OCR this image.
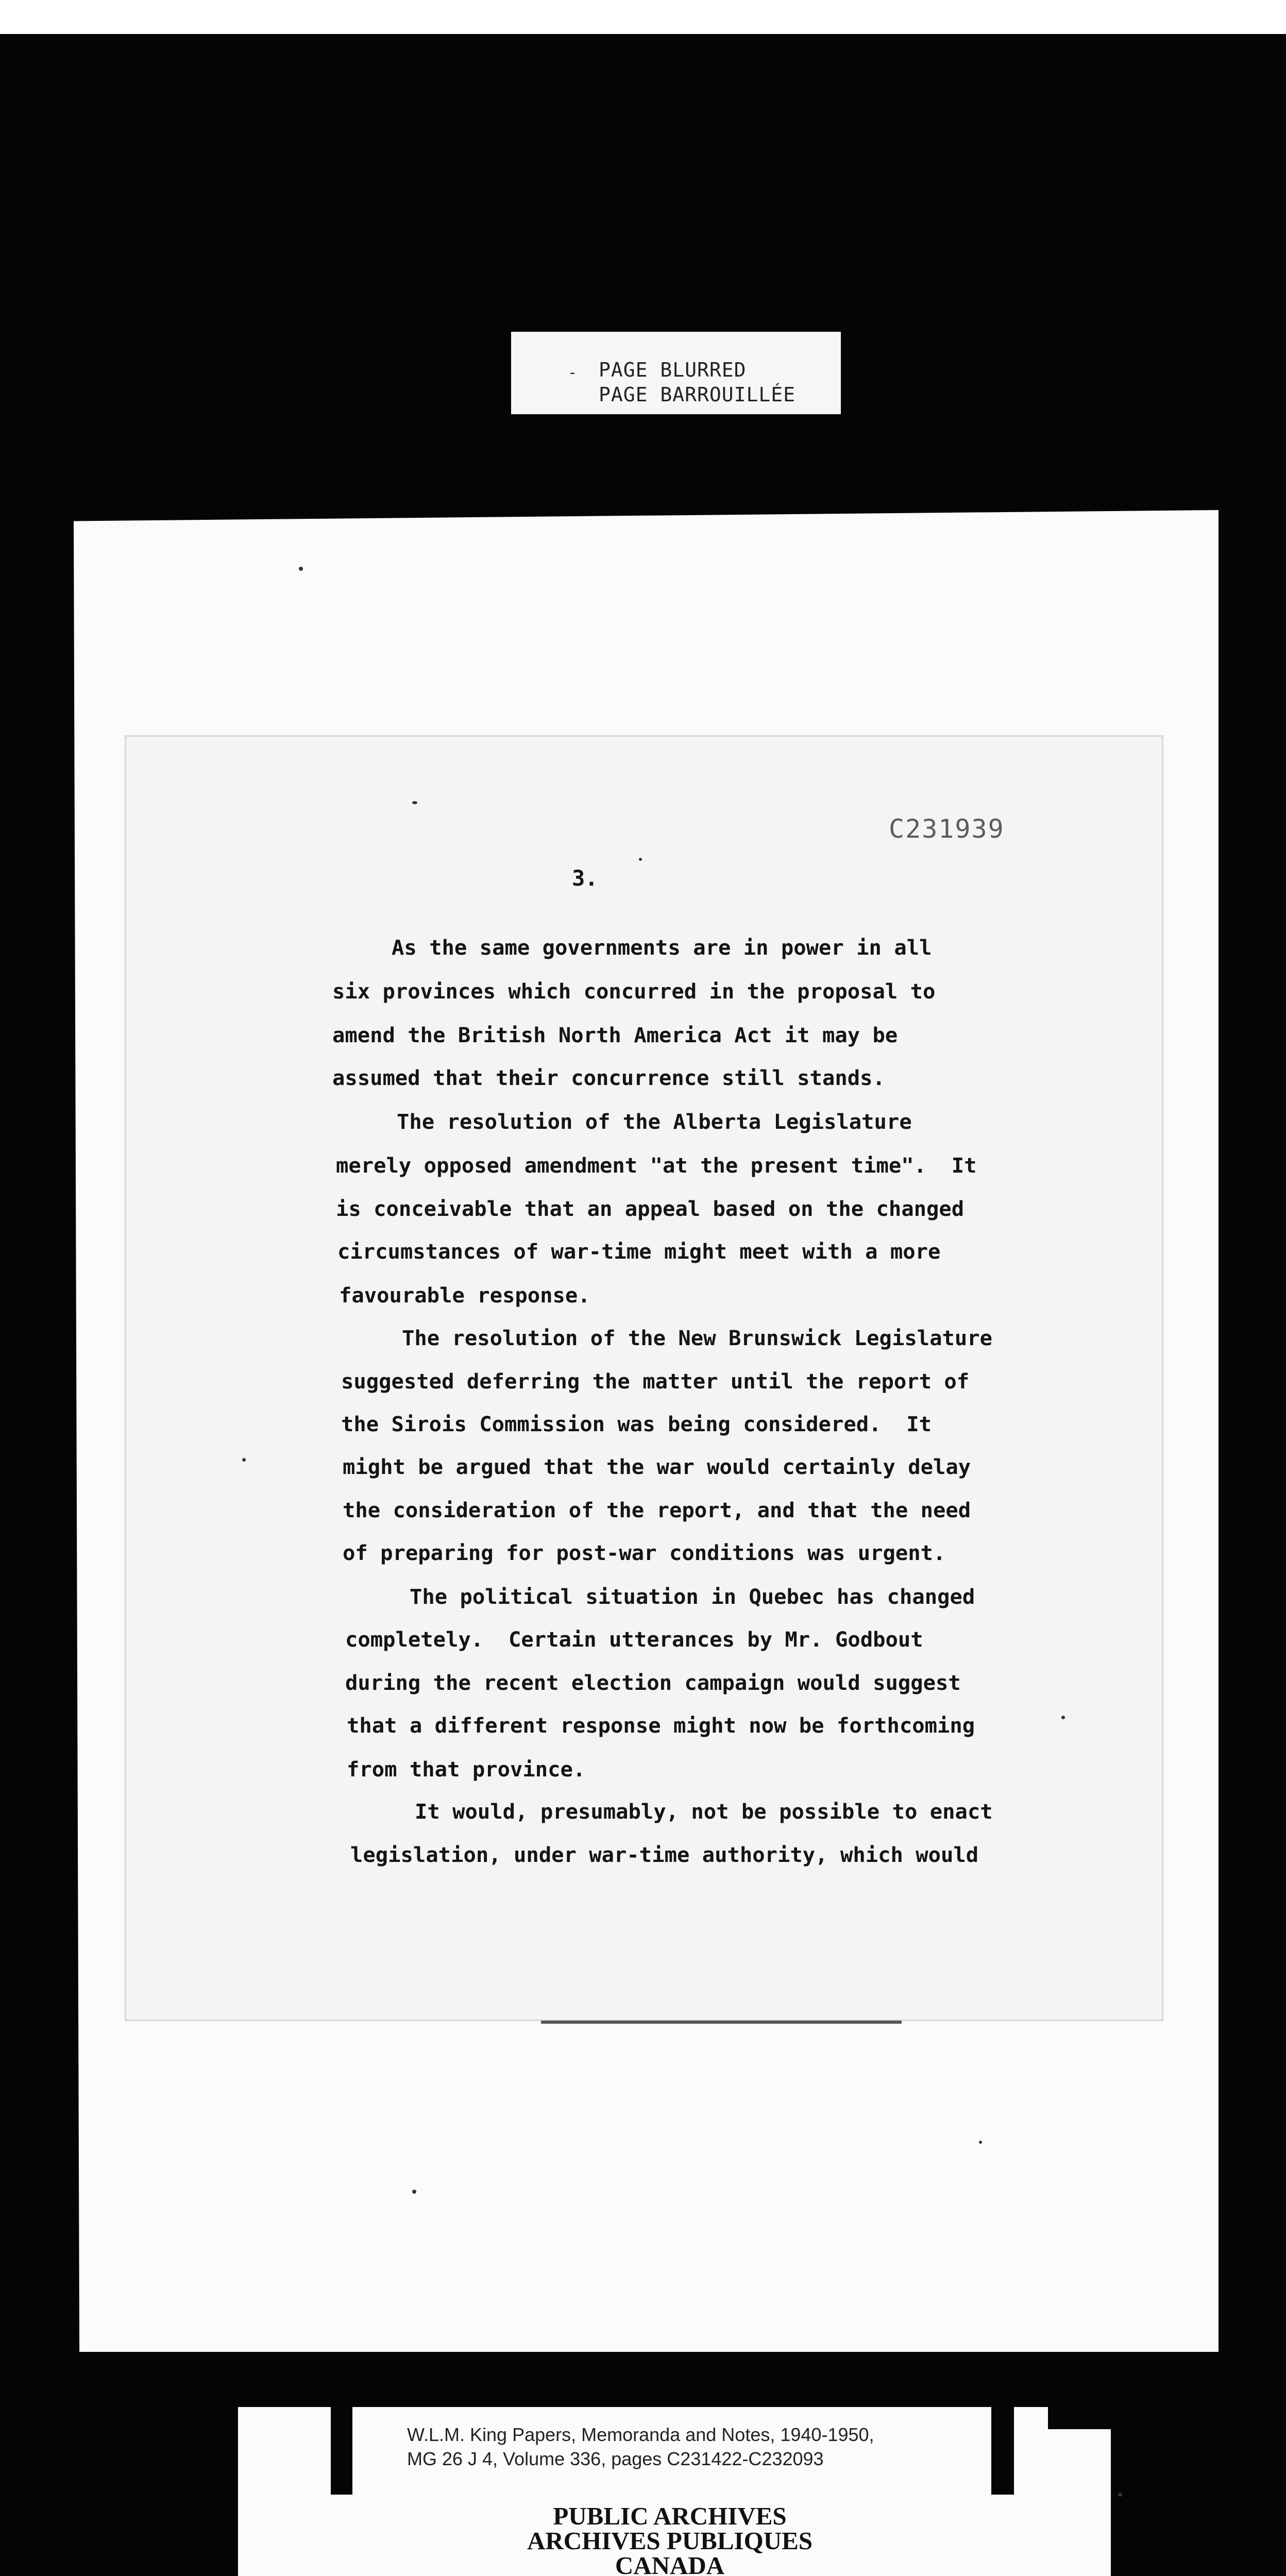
- PAGE BLURRED
PAGE BARROUILLÉE
C231939
3.
As the same governments are in power in all
six provinces which concurred in the proposal to
amend the British North America Act it may be
assumed that their concurrence still stands.
The resolution of the Alberta Legislature
merely opposed amendment "at the present time".  It
is conceivable that an appeal based on the changed
circumstances of war-time might meet with a more
favourable response.
The resolution of the New Brunswick Legislature
suggested deferring the matter until the report of
the Sirois Commission was being considered.  It
might be argued that the war would certainly delay
the consideration of the report, and that the need
of preparing for post-war conditions was urgent.
The political situation in Quebec has changed
completely.  Certain utterances by Mr. Godbout
during the recent election campaign would suggest
that a different response might now be forthcoming
from that province.
It would, presumably, not be possible to enact
legislation, under war-time authority, which would
W.L.M. King Papers, Memoranda and Notes, 1940-1950,
MG 26 J 4, Volume 336, pages C231422-C232093
PUBLIC ARCHIVES
ARCHIVES PUBLIQUES
CANADA
